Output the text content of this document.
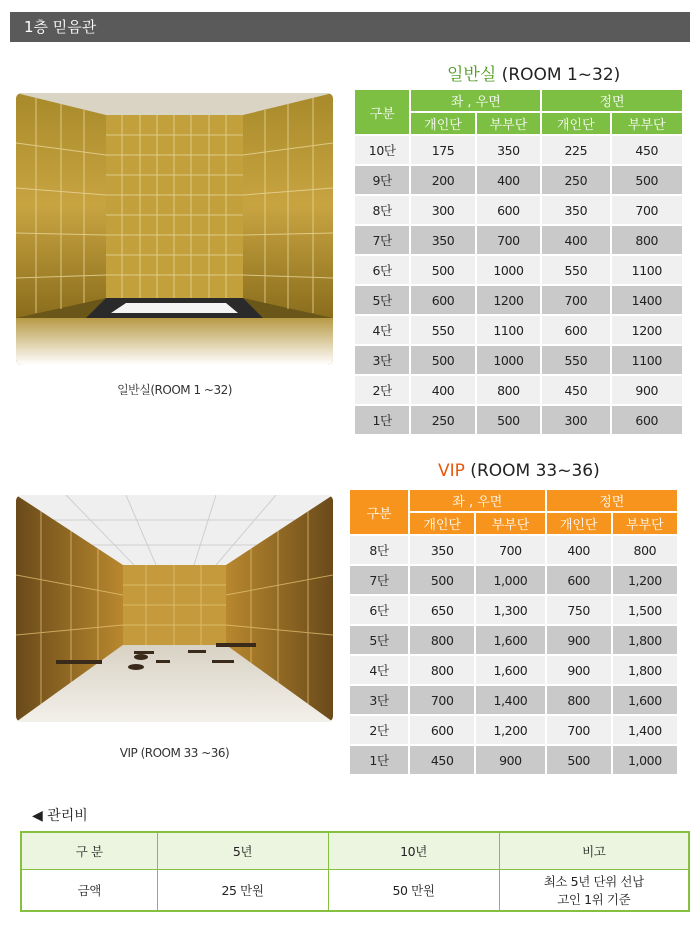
1층 믿음관
일반실 (ROOM 1~32)
일반실(ROOM 1 ~32)
구분	좌 , 우면		정면	
	개인단	부부단	개인단	부부단
10단	175	350	225	450
9단	200	400	250	500
8단	300	600	350	700
7단	350	700	400	800
6단	500	1000	550	1100
5단	600	1200	700	1400
4단	550	1100	600	1200
3단	500	1000	550	1100
2단	400	800	450	900
1단	250	500	300	600
VIP (ROOM 33~36)
VIP (ROOM 33 ~36)
구분	좌 , 우면		정면	
	개인단	부부단	개인단	부부단
8단	350	700	400	800
7단	500	1,000	600	1,200
6단	650	1,300	750	1,500
5단	800	1,600	900	1,800
4단	800	1,600	900	1,800
3단	700	1,400	800	1,600
2단	600	1,200	700	1,400
1단	450	900	500	1,000
◀ 관리비
구 분	5년	10년	비고
금액	25 만원	50 만원	최소 5년 단위 선납
고인 1위 기준
